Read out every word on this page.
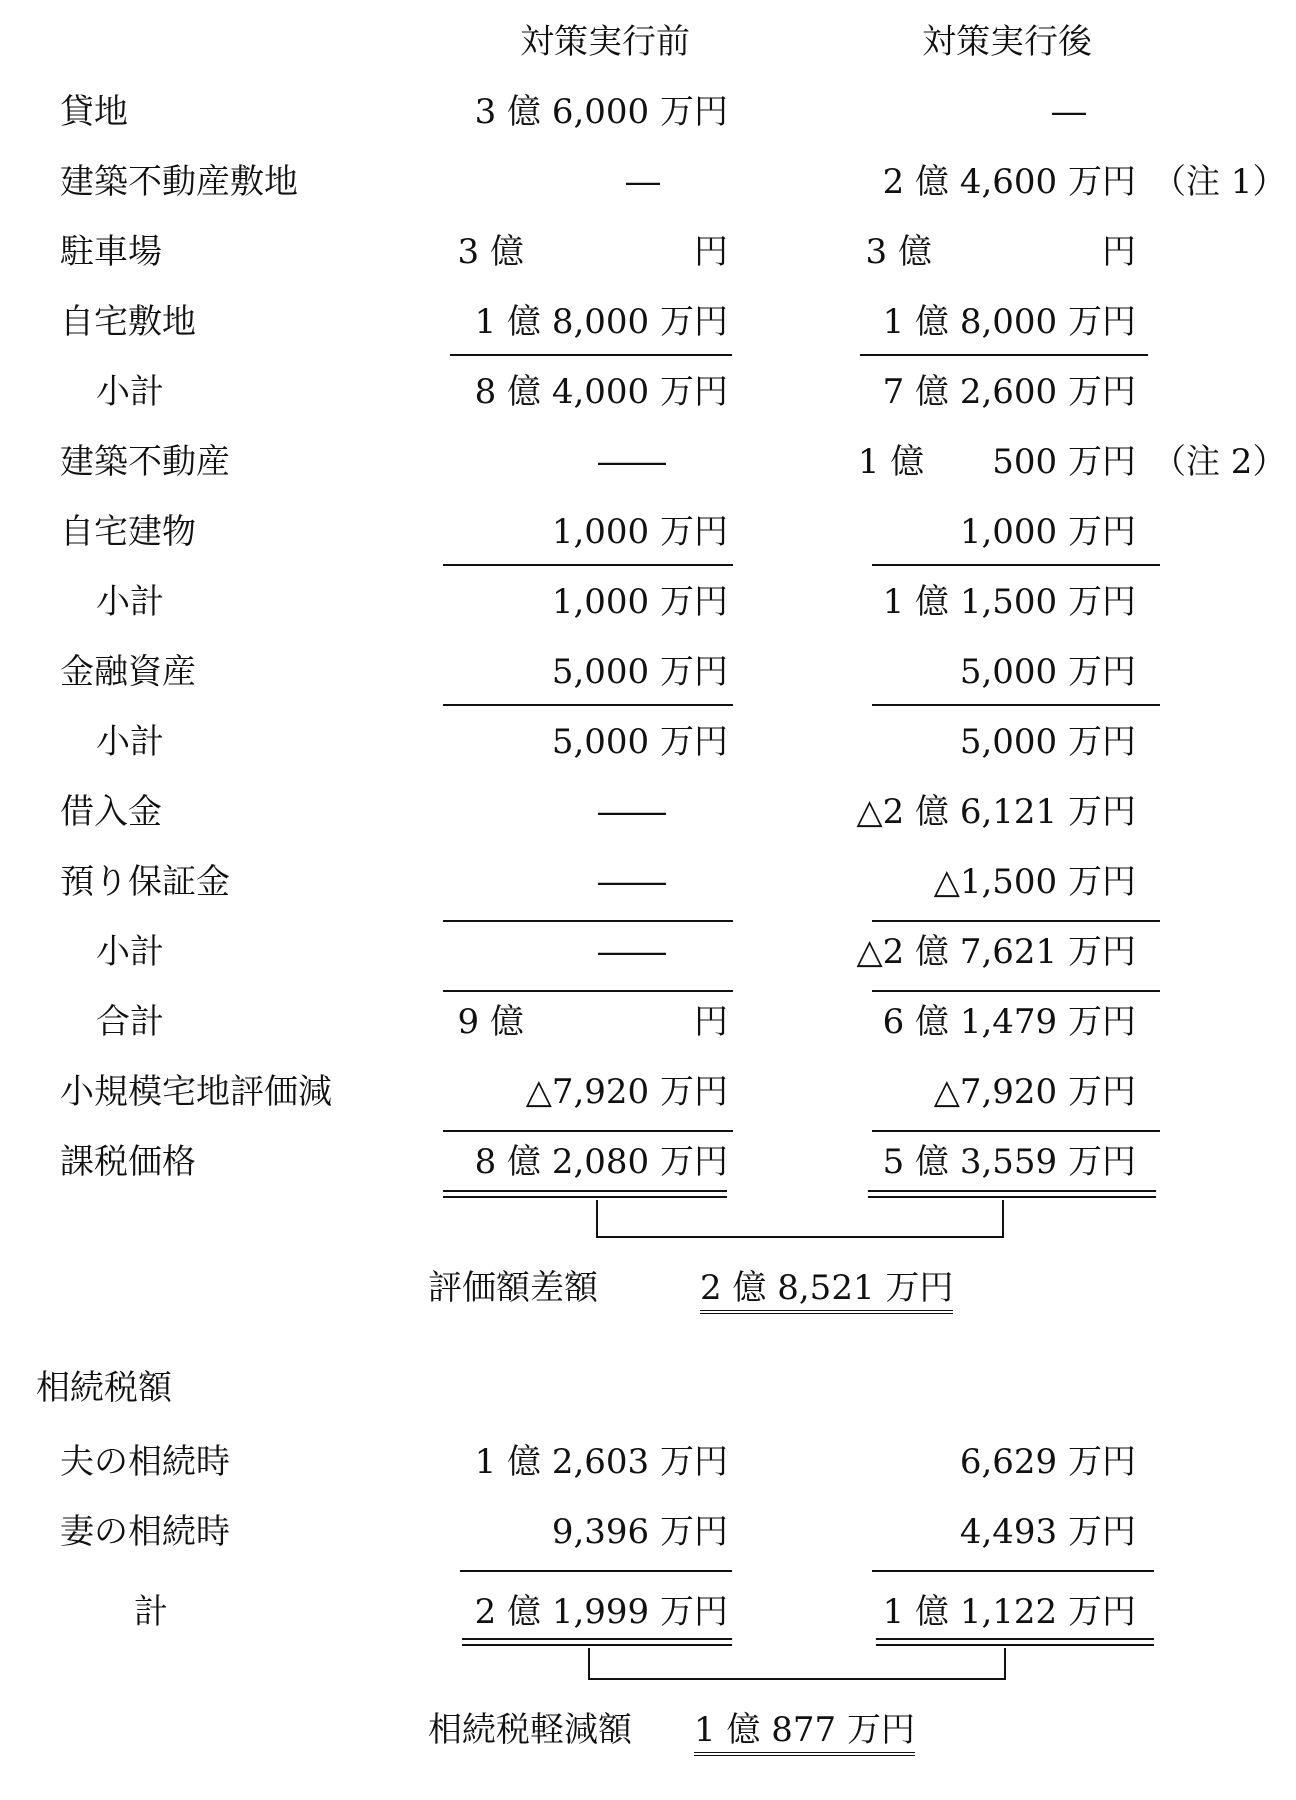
対策実行前	対策実行後
貸地	3 億 6,000 万円	―
建築不動産敷地	―	2 億 4,600 万円 （注 1）
駐車場	3 億　　　　　円	3 億　　　　　円
自宅敷地	1 億 8,000 万円	1 億 8,000 万円
小計	8 億 4,000 万円	7 億 2,600 万円
建築不動産	――	1 億　　500 万円 （注 2）
自宅建物	1,000 万円	1,000 万円
小計	1,000 万円	1 億 1,500 万円
金融資産	5,000 万円	5,000 万円
小計	5,000 万円	5,000 万円
借入金	――	△2 億 6,121 万円
預り保証金	――	△1,500 万円
小計	――	△2 億 7,621 万円
合計	9 億　　　　　円	6 億 1,479 万円
小規模宅地評価減	△7,920 万円	△7,920 万円
課税価格	8 億 2,080 万円	5 億 3,559 万円
評価額差額	2 億 8,521 万円
相続税額
夫の相続時	1 億 2,603 万円	6,629 万円
妻の相続時	9,396 万円	4,493 万円
計	2 億 1,999 万円	1 億 1,122 万円
相続税軽減額 1 億 877 万円
